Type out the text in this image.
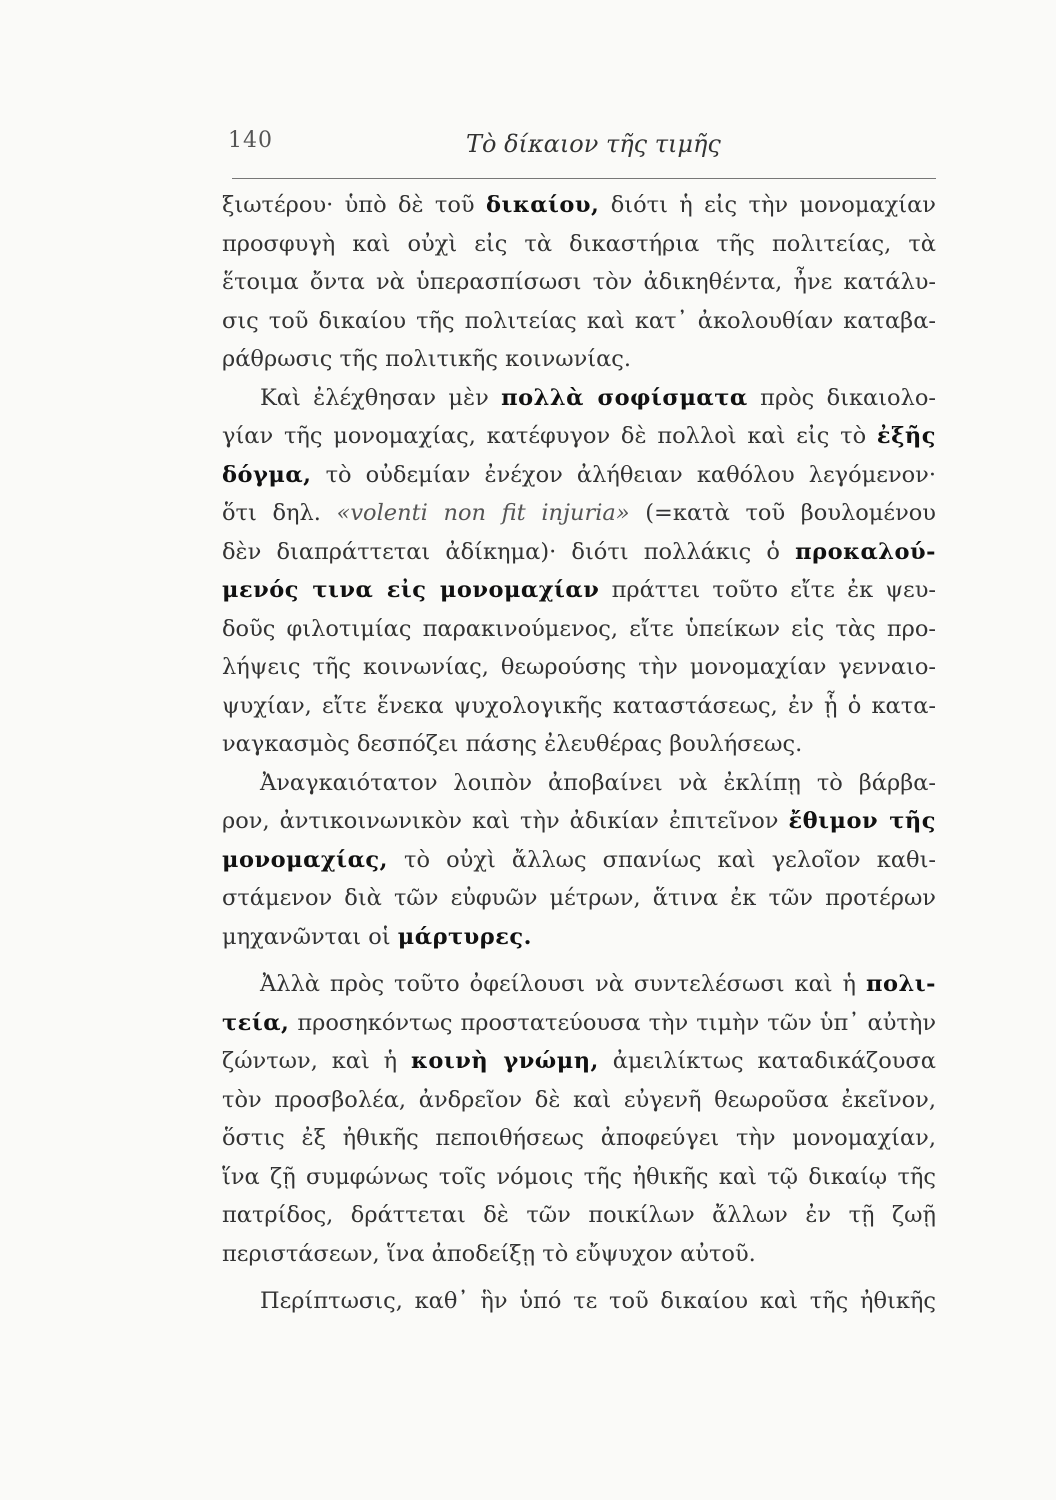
140	Τὸ δίκαιον τῆς τιμῆς
ξιωτέρου· ὑπὸ δὲ τοῦ δικαίου, διότι ἡ εἰς τὴν μονομαχίαν
προσφυγὴ καὶ οὐχὶ εἰς τὰ δικαστήρια τῆς πολιτείας, τὰ
ἕτοιμα ὄντα νὰ ὑπερασπίσωσι τὸν ἀδικηθέντα, ἦνε κατάλυ-
σις τοῦ δικαίου τῆς πολιτείας καὶ κατ᾽ ἀκολουθίαν καταβα-
ράθρωσις τῆς πολιτικῆς κοινωνίας.
Καὶ ἐλέχθησαν μὲν πολλὰ σοφίσματα πρὸς δικαιολο-
γίαν τῆς μονομαχίας, κατέφυγον δὲ πολλοὶ καὶ εἰς τὸ ἐξῆς
δόγμα, τὸ οὐδεμίαν ἐνέχον ἀλήθειαν καθόλου λεγόμενον·
ὅτι δηλ. «volenti non fit injuria» (=κατὰ τοῦ βουλομένου
δὲν διαπράττεται ἀδίκημα)· διότι πολλάκις ὁ προκαλού-
μενός τινα εἰς μονομαχίαν πράττει τοῦτο εἴτε ἐκ ψευ-
δοῦς φιλοτιμίας παρακινούμενος, εἴτε ὑπείκων εἰς τὰς προ-
λήψεις τῆς κοινωνίας, θεωρούσης τὴν μονομαχίαν γενναιο-
ψυχίαν, εἴτε ἕνεκα ψυχολογικῆς καταστάσεως, ἐν ᾗ ὁ κατα-
ναγκασμὸς δεσπόζει πάσης ἐλευθέρας βουλήσεως.
Ἀναγκαιότατον λοιπὸν ἀποβαίνει νὰ ἐκλίπῃ τὸ βάρβα-
ρον, ἀντικοινωνικὸν καὶ τὴν ἀδικίαν ἐπιτεῖνον ἔθιμον τῆς
μονομαχίας, τὸ οὐχὶ ἄλλως σπανίως καὶ γελοῖον καθι-
στάμενον διὰ τῶν εὐφυῶν μέτρων, ἅτινα ἐκ τῶν προτέρων
μηχανῶνται οἱ μάρτυρες.
Ἀλλὰ πρὸς τοῦτο ὀφείλουσι νὰ συντελέσωσι καὶ ἡ πολι-
τεία, προσηκόντως προστατεύουσα τὴν τιμὴν τῶν ὑπ᾽ αὐτὴν
ζώντων, καὶ ἡ κοινὴ γνώμη, ἀμειλίκτως καταδικάζουσα
τὸν προσβολέα, ἀνδρεῖον δὲ καὶ εὐγενῆ θεωροῦσα ἐκεῖνον,
ὅστις ἐξ ἠθικῆς πεποιθήσεως ἀποφεύγει τὴν μονομαχίαν,
ἵνα ζῇ συμφώνως τοῖς νόμοις τῆς ἠθικῆς καὶ τῷ δικαίῳ τῆς
πατρίδος, δράττεται δὲ τῶν ποικίλων ἄλλων ἐν τῇ ζωῇ
περιστάσεων, ἵνα ἀποδείξῃ τὸ εὔψυχον αὐτοῦ.
Περίπτωσις, καθ᾽ ἣν ὑπό τε τοῦ δικαίου καὶ τῆς ἠθικῆς
